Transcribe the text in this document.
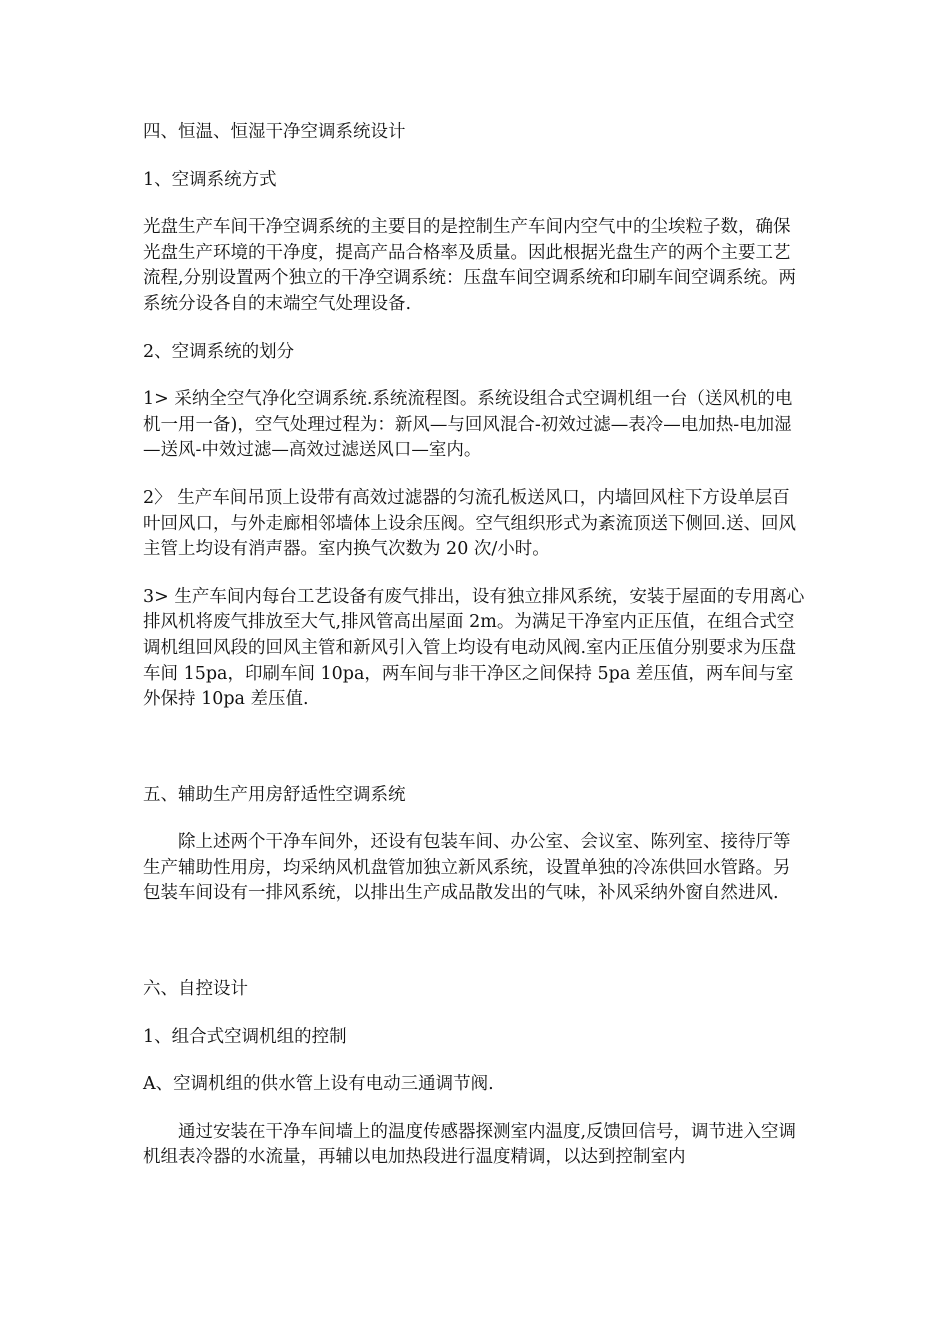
四、恒温、恒湿干净空调系统设计

1、空调系统方式

光盘生产车间干净空调系统的主要目的是控制生产车间内空气中的尘埃粒子数，确保光盘生产环境的干净度，提高产品合格率及质量。因此根据光盘生产的两个主要工艺流程,分别设置两个独立的干净空调系统：压盘车间空调系统和印刷车间空调系统。两系统分设各自的末端空气处理设备.

2、空调系统的划分

1> 采纳全空气净化空调系统.系统流程图。系统设组合式空调机组一台（送风机的电机一用一备)，空气处理过程为：新风—与回风混合-初效过滤—表冷—电加热-电加湿—送风-中效过滤—高效过滤送风口—室内。

2〉 生产车间吊顶上设带有高效过滤器的匀流孔板送风口，内墙回风柱下方设单层百叶回风口，与外走廊相邻墙体上设余压阀。空气组织形式为紊流顶送下侧回.送、回风主管上均设有消声器。室内换气次数为 20 次/小时。

3> 生产车间内每台工艺设备有废气排出，设有独立排风系统，安装于屋面的专用离心排风机将废气排放至大气,排风管高出屋面 2m。为满足干净室内正压值，在组合式空调机组回风段的回风主管和新风引入管上均设有电动风阀.室内正压值分别要求为压盘车间 15pa，印刷车间 10pa，两车间与非干净区之间保持 5pa 差压值，两车间与室外保持 10pa 差压值.

五、辅助生产用房舒适性空调系统

除上述两个干净车间外，还设有包装车间、办公室、会议室、陈列室、接待厅等生产辅助性用房，均采纳风机盘管加独立新风系统，设置单独的冷冻供回水管路。另包装车间设有一排风系统，以排出生产成品散发出的气味，补风采纳外窗自然进风.

六、自控设计

1、组合式空调机组的控制

A、空调机组的供水管上设有电动三通调节阀.

通过安装在干净车间墙上的温度传感器探测室内温度,反馈回信号，调节进入空调机组表冷器的水流量，再辅以电加热段进行温度精调，以达到控制室内
